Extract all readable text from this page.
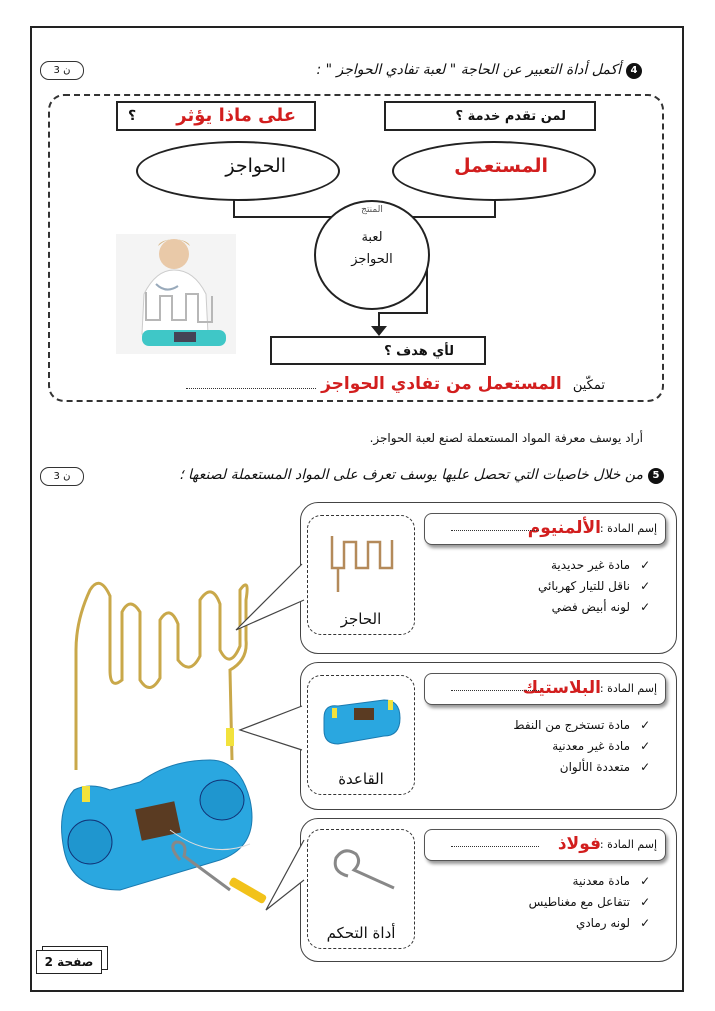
3 ن	4
أكمل أداة التعبير عن الحاجة " لعبة تفادي الحواجز " :
على ماذا يؤثر
؟	لمن تقدم خدمة ؟
الحواجز	المستعمل
المنتج
لعبة
الحواجز
لأي هدف ؟
تمكّين المستعمل من تفادي الحواجز
أراد يوسف معرفة المواد المستعملة لصنع لعبة الحواجز.
3 ن	5
من خلال خاصيات التي تحصل عليها يوسف تعرف على المواد المستعملة لصنعها ؛
الحاجز
إسم المادة :
الألمنيوم
✓مادة غير حديدية
✓ناقل للتيار كهربائي
✓لونه أبيض فضي
القاعدة
إسم المادة :
البلاستيك
✓مادة تستخرج من النفط
✓مادة غير معدنية
✓متعددة الألوان
أداة التحكم
إسم المادة :
فولاذ
✓مادة معدنية
✓تتفاعل مع مغناطيس
✓لونه رمادي
صفحة 2
